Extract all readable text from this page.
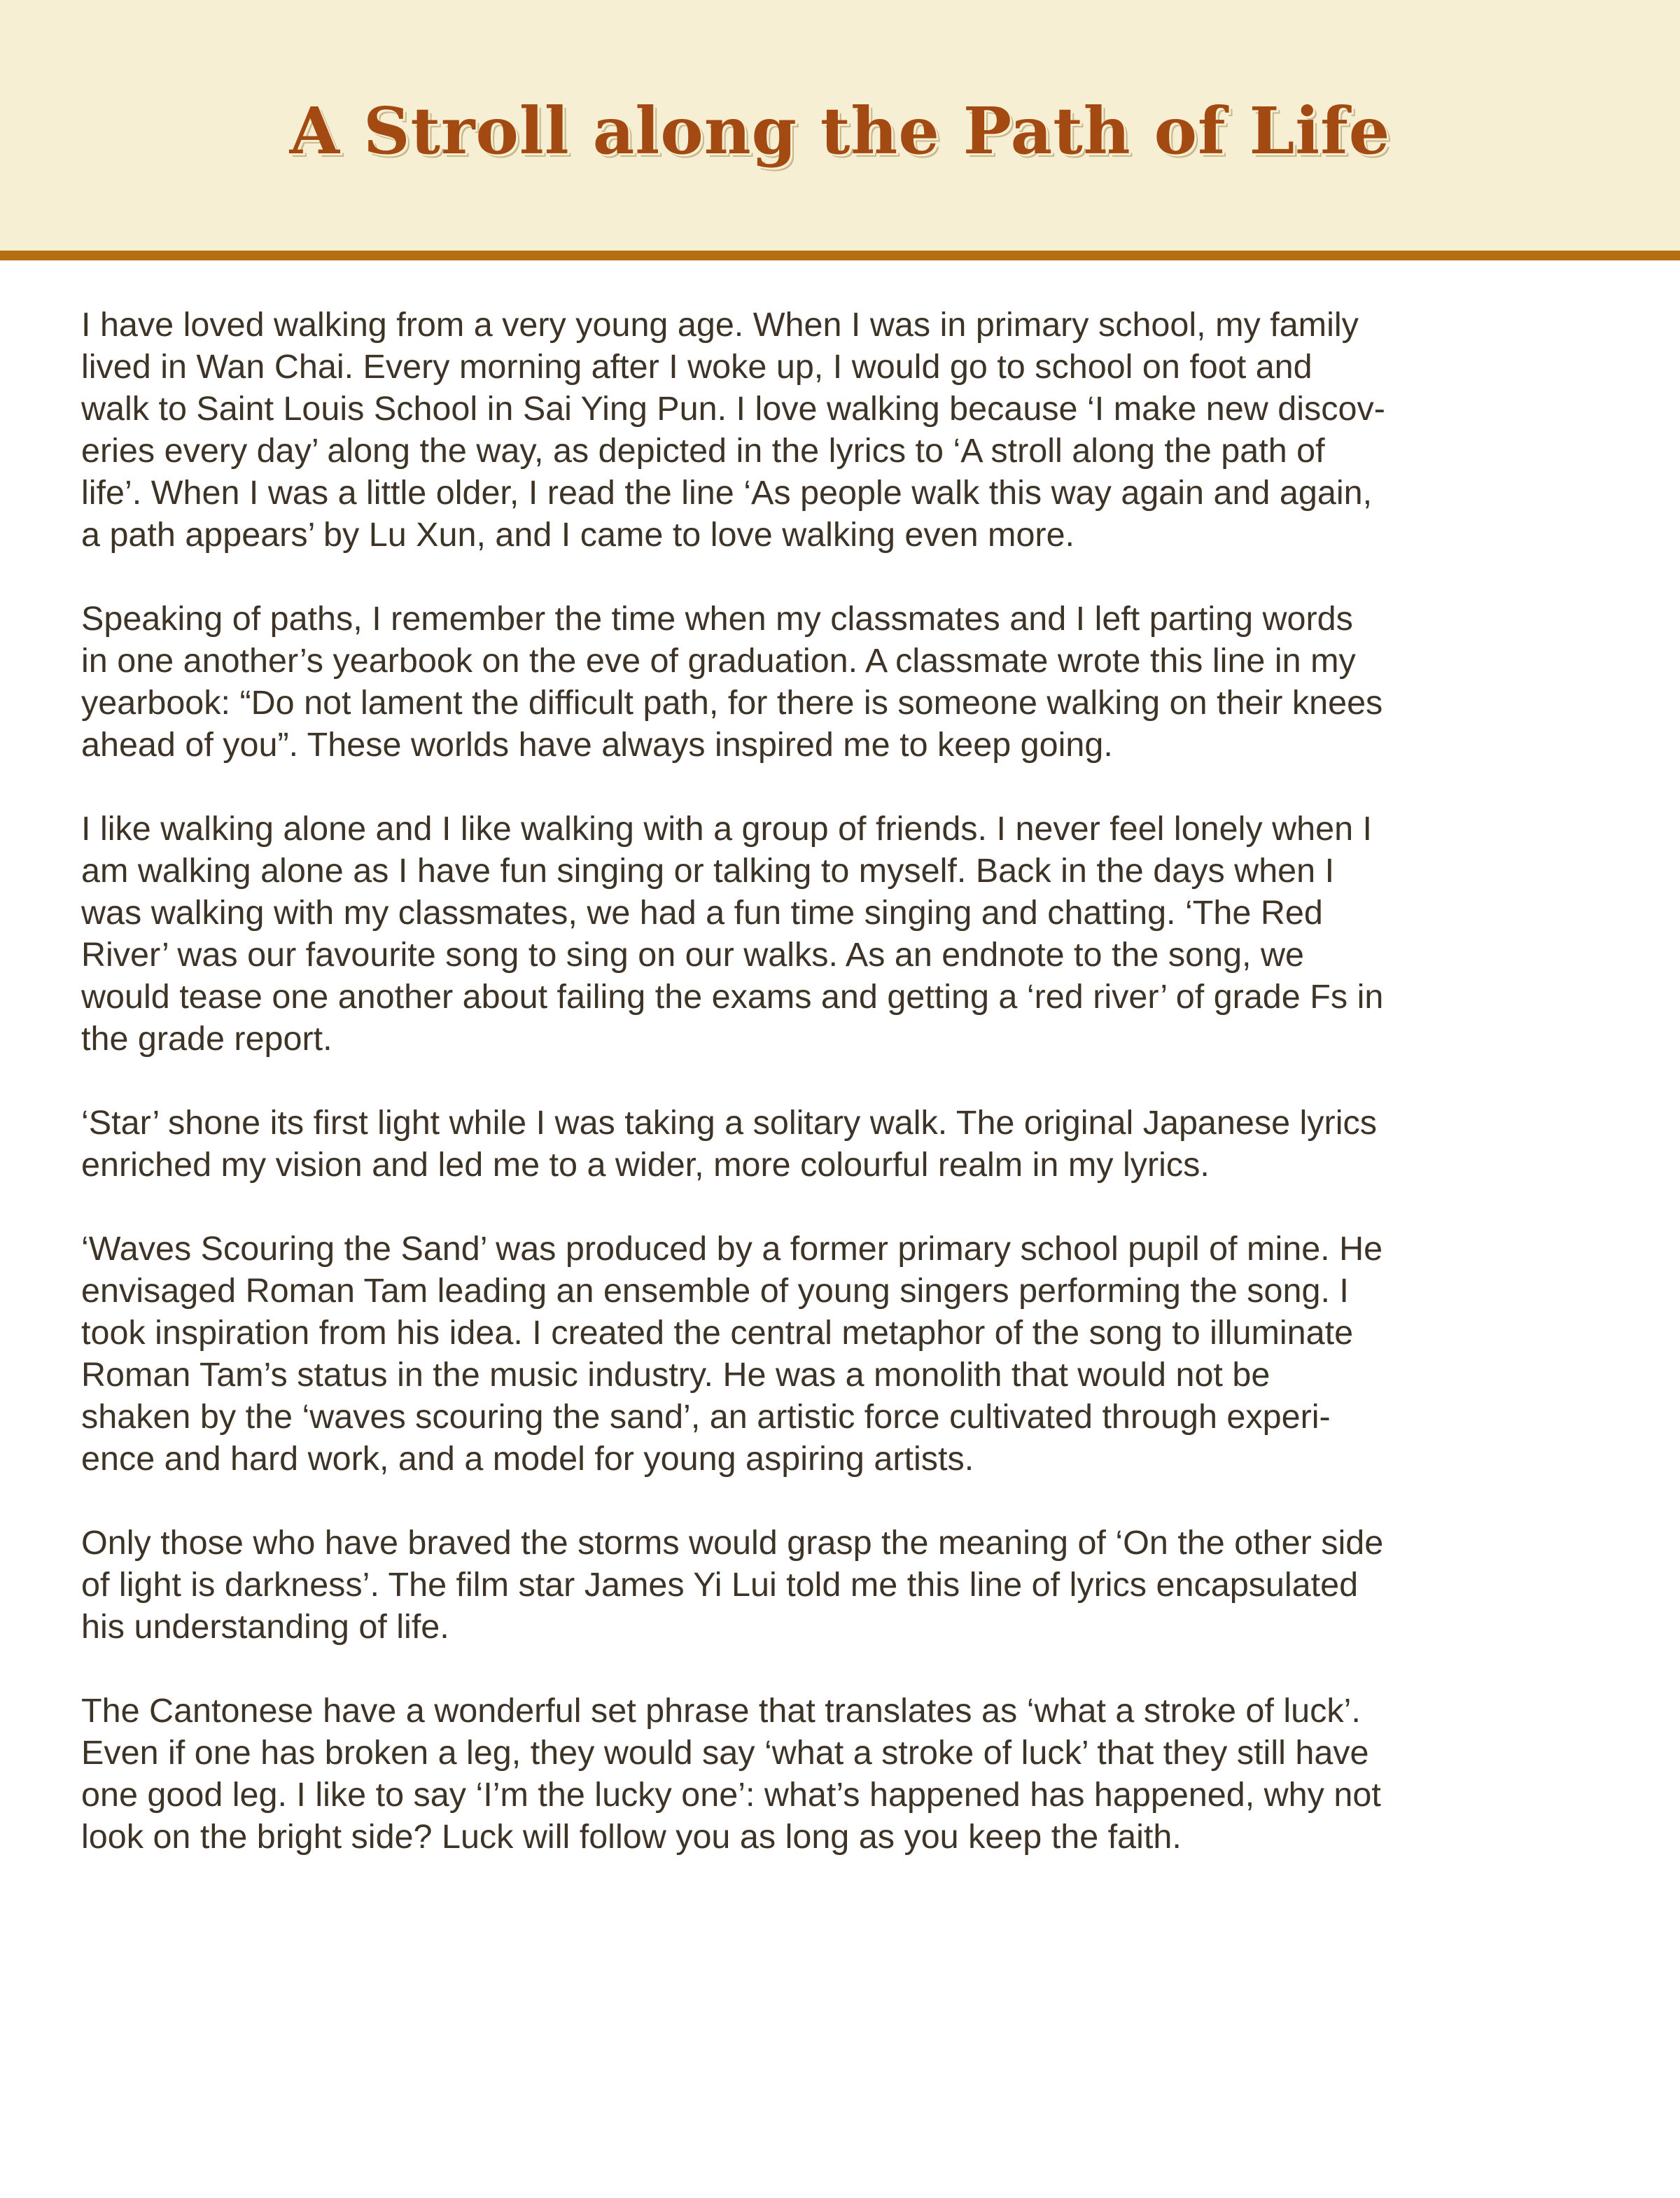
A Stroll along the Path of Life

I have loved walking from a very young age. When I was in primary school, my family
lived in Wan Chai. Every morning after I woke up, I would go to school on foot and
walk to Saint Louis School in Sai Ying Pun. I love walking because ‘I make new discov-
eries every day’ along the way, as depicted in the lyrics to ‘A stroll along the path of
life’. When I was a little older, I read the line ‘As people walk this way again and again,
a path appears’ by Lu Xun, and I came to love walking even more.

Speaking of paths, I remember the time when my classmates and I left parting words
in one another’s yearbook on the eve of graduation. A classmate wrote this line in my
yearbook: “Do not lament the difficult path, for there is someone walking on their knees
ahead of you”. These worlds have always inspired me to keep going.

I like walking alone and I like walking with a group of friends. I never feel lonely when I
am walking alone as I have fun singing or talking to myself. Back in the days when I
was walking with my classmates, we had a fun time singing and chatting. ‘The Red
River’ was our favourite song to sing on our walks. As an endnote to the song, we
would tease one another about failing the exams and getting a ‘red river’ of grade Fs in
the grade report.

‘Star’ shone its first light while I was taking a solitary walk. The original Japanese lyrics
enriched my vision and led me to a wider, more colourful realm in my lyrics.

‘Waves Scouring the Sand’ was produced by a former primary school pupil of mine. He
envisaged Roman Tam leading an ensemble of young singers performing the song. I
took inspiration from his idea. I created the central metaphor of the song to illuminate
Roman Tam’s status in the music industry. He was a monolith that would not be
shaken by the ‘waves scouring the sand’, an artistic force cultivated through experi-
ence and hard work, and a model for young aspiring artists.

Only those who have braved the storms would grasp the meaning of ‘On the other side
of light is darkness’. The film star James Yi Lui told me this line of lyrics encapsulated
his understanding of life.

The Cantonese have a wonderful set phrase that translates as ‘what a stroke of luck’.
Even if one has broken a leg, they would say ‘what a stroke of luck’ that they still have
one good leg. I like to say ‘I’m the lucky one’: what’s happened has happened, why not
look on the bright side? Luck will follow you as long as you keep the faith.
